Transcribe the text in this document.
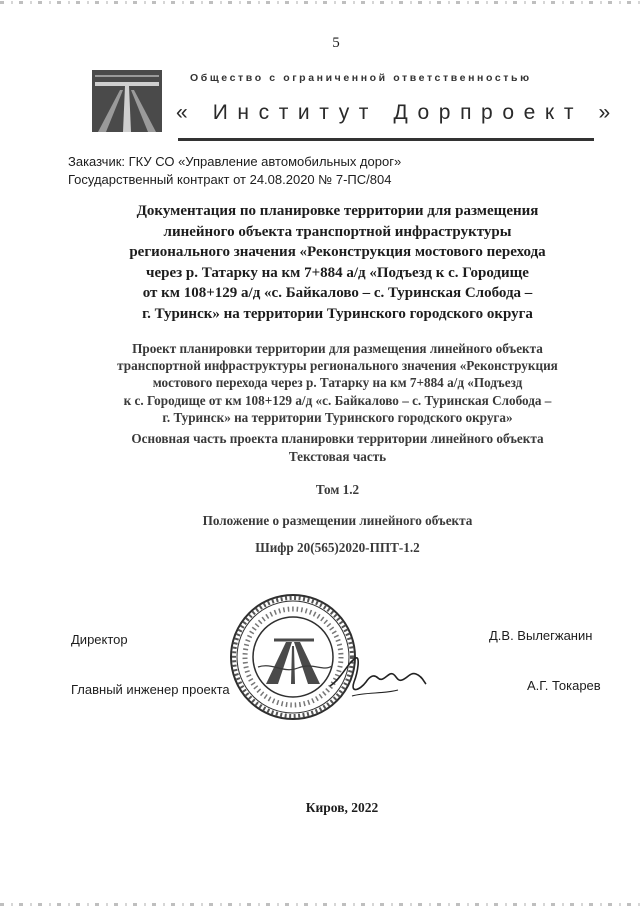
5
Общество с ограниченной ответственностью
« Институт Дорпроект »
Заказчик: ГКУ СО «Управление автомобильных дорог»
Государственный контракт от 24.08.2020 № 7-ПС/804
Документация по планировке территории для размещения
линейного объекта транспортной инфраструктуры
регионального значения «Реконструкция мостового перехода
через р. Татарку на км 7+884 а/д «Подъезд к с. Городище
от км 108+129 а/д «с. Байкалово – с. Туринская Слобода –
г. Туринск» на территории Туринского городского округа
Проект планировки территории для размещения линейного объекта
транспортной инфраструктуры регионального значения «Реконструкция
мостового перехода через р. Татарку на км 7+884 а/д «Подъезд
к с. Городище от км 108+129 а/д «с. Байкалово – с. Туринская Слобода –
г. Туринск» на территории Туринского городского округа»
Основная часть проекта планировки территории линейного объекта
Текстовая часть
Том 1.2
Положение о размещении линейного объекта
Шифр 20(565)2020-ППТ-1.2
Директор	Д.В. Вылегжанин
Главный инженер проекта	А.Г. Токарев
Киров, 2022
